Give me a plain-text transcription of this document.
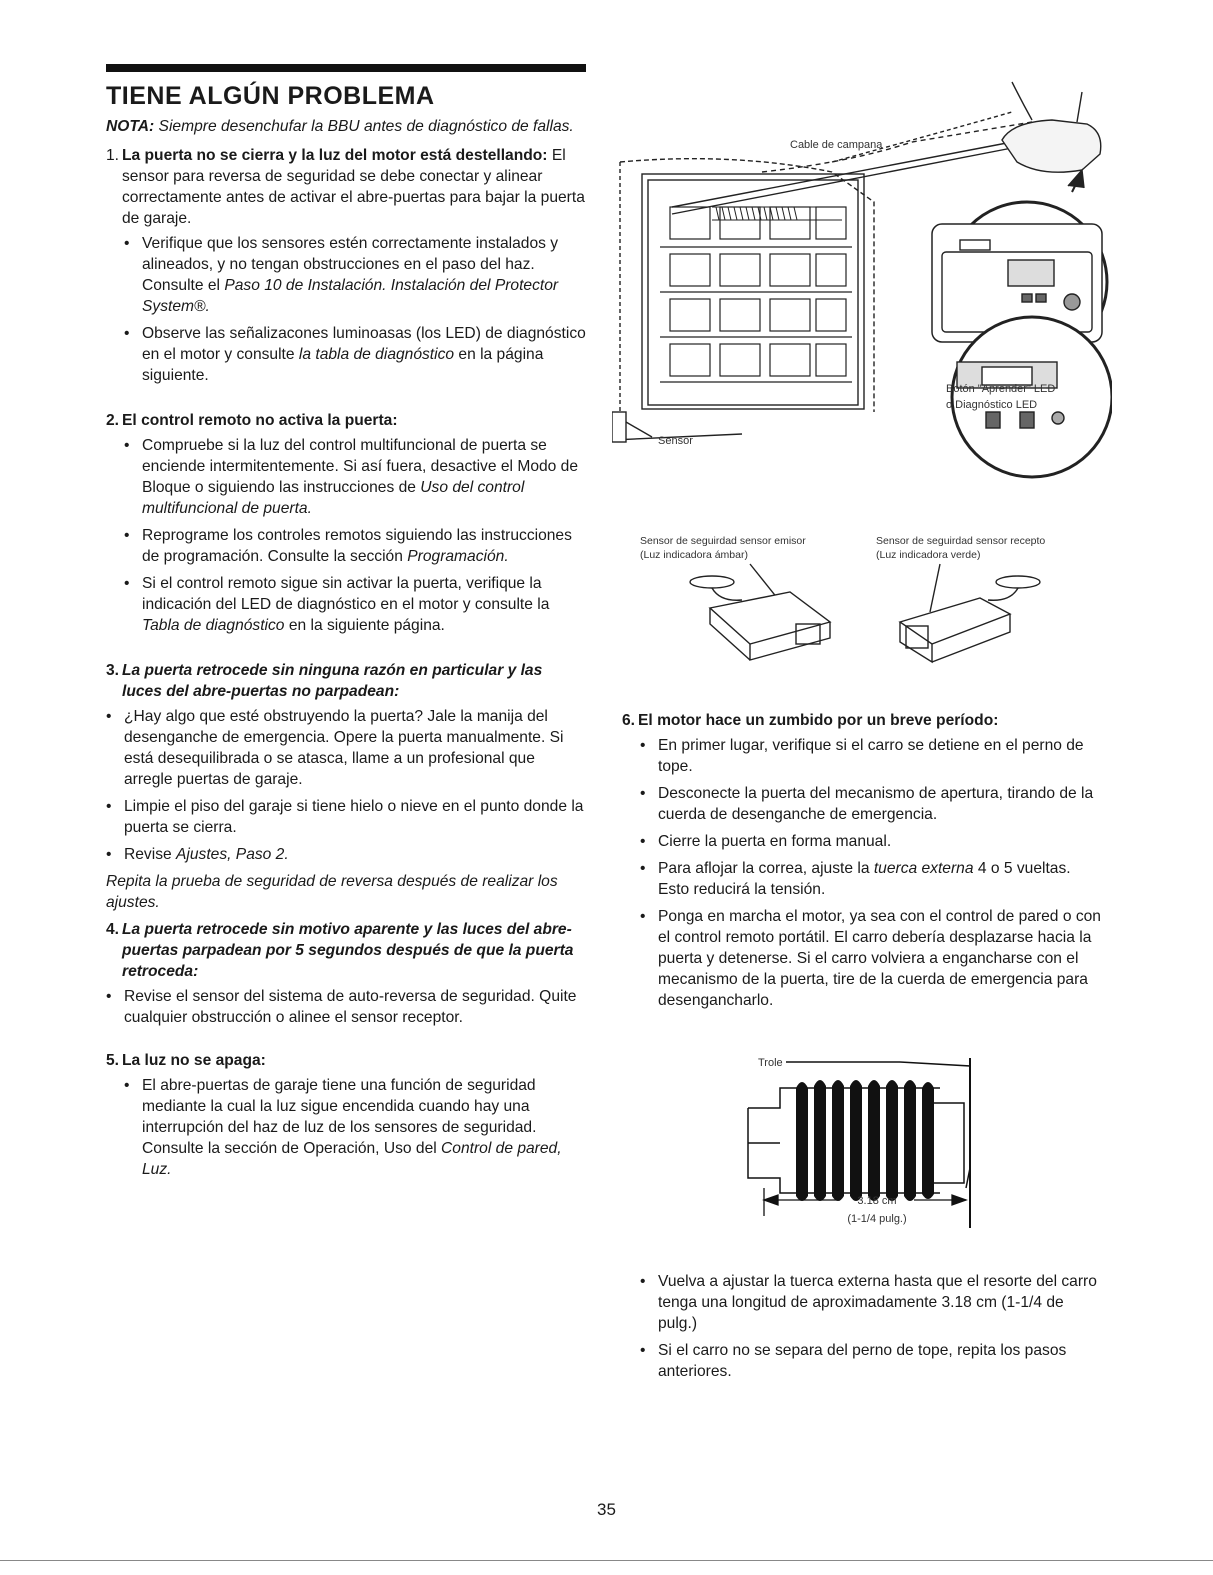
TIENE ALGÚN PROBLEMA
NOTA: Siempre desenchufar la BBU antes de diagnóstico de fallas.
1. La puerta no se cierra y la luz del motor está destellando: El sensor para reversa de seguridad se debe conectar y alinear correctamente antes de activar el abre-puertas para bajar la puerta de garaje.
• Verifique que los sensores estén correctamente instalados y alineados, y no tengan obstrucciones en el paso del haz. Consulte el Paso 10 de Instalación. Instalación del Protector System®.
• Observe las señalizacones luminoasas (los LED) de diagnóstico en el motor y consulte la tabla de diagnóstico en la página siguiente.
2. El control remoto no activa la puerta:
• Compruebe si la luz del control multifuncional de puerta se enciende intermitentemente. Si así fuera, desactive el Modo de Bloque o siguiendo las instrucciones de Uso del control multifuncional de puerta.
• Reprograme los controles remotos siguiendo las instrucciones de programación. Consulte la sección Programación.
• Si el control remoto sigue sin activar la puerta, verifique la indicación del LED de diagnóstico en el motor y consulte la Tabla de diagnóstico en la siguiente página.
3. La puerta retrocede sin ninguna razón en particular y las luces del abre-puertas no parpadean:
• ¿Hay algo que esté obstruyendo la puerta? Jale la manija del desenganche de emergencia. Opere la puerta manualmente. Si está desequilibrada o se atasca, llame a un profesional que arregle puertas de garaje.
• Limpie el piso del garaje si tiene hielo o nieve en el punto donde la puerta se cierra.
• Revise Ajustes, Paso 2.
Repita la prueba de seguridad de reversa después de realizar los ajustes.
4. La puerta retrocede sin motivo aparente y las luces del abre-puertas parpadean por 5 segundos después de que la puerta retroceda:
• Revise el sensor del sistema de auto-reversa de seguridad. Quite cualquier obstrucción o alinee el sensor receptor.
5. La luz no se apaga:
• El abre-puertas de garaje tiene una función de seguridad mediante la cual la luz sigue encendida cuando hay una interrupción del haz de luz de los sensores de seguridad. Consulte la sección de Operación, Uso del Control de pared, Luz.
Cable de campana
Sensor
Botón "Aprender" LED
o Diagnóstico LED
Sensor de seguirdad sensor emisor
(Luz indicadora ámbar)
Sensor de seguirdad sensor recepto
(Luz indicadora verde)
6. El motor hace un zumbido por un breve período:
• En primer lugar, verifique si el carro se detiene en el perno de tope.
• Desconecte la puerta del mecanismo de apertura, tirando de la cuerda de desenganche de emergencia.
• Cierre la puerta en forma manual.
• Para aflojar la correa, ajuste la tuerca externa 4 o 5 vueltas. Esto reducirá la tensión.
• Ponga en marcha el motor, ya sea con el control de pared o con el control remoto portátil. El carro debería desplazarse hacia la puerta y detenerse. Si el carro volviera a engancharse con el mecanismo de la puerta, tire de la cuerda de emergencia para desengancharlo.
• Vuelva a ajustar la tuerca externa hasta que el resorte del carro tenga una longitud de aproximadamente 3.18 cm (1-1/4 de pulg.)
• Si el carro no se separa del perno de tope, repita los pasos anteriores.
Trole
3.18 cm
(1-1/4 pulg.)
35
